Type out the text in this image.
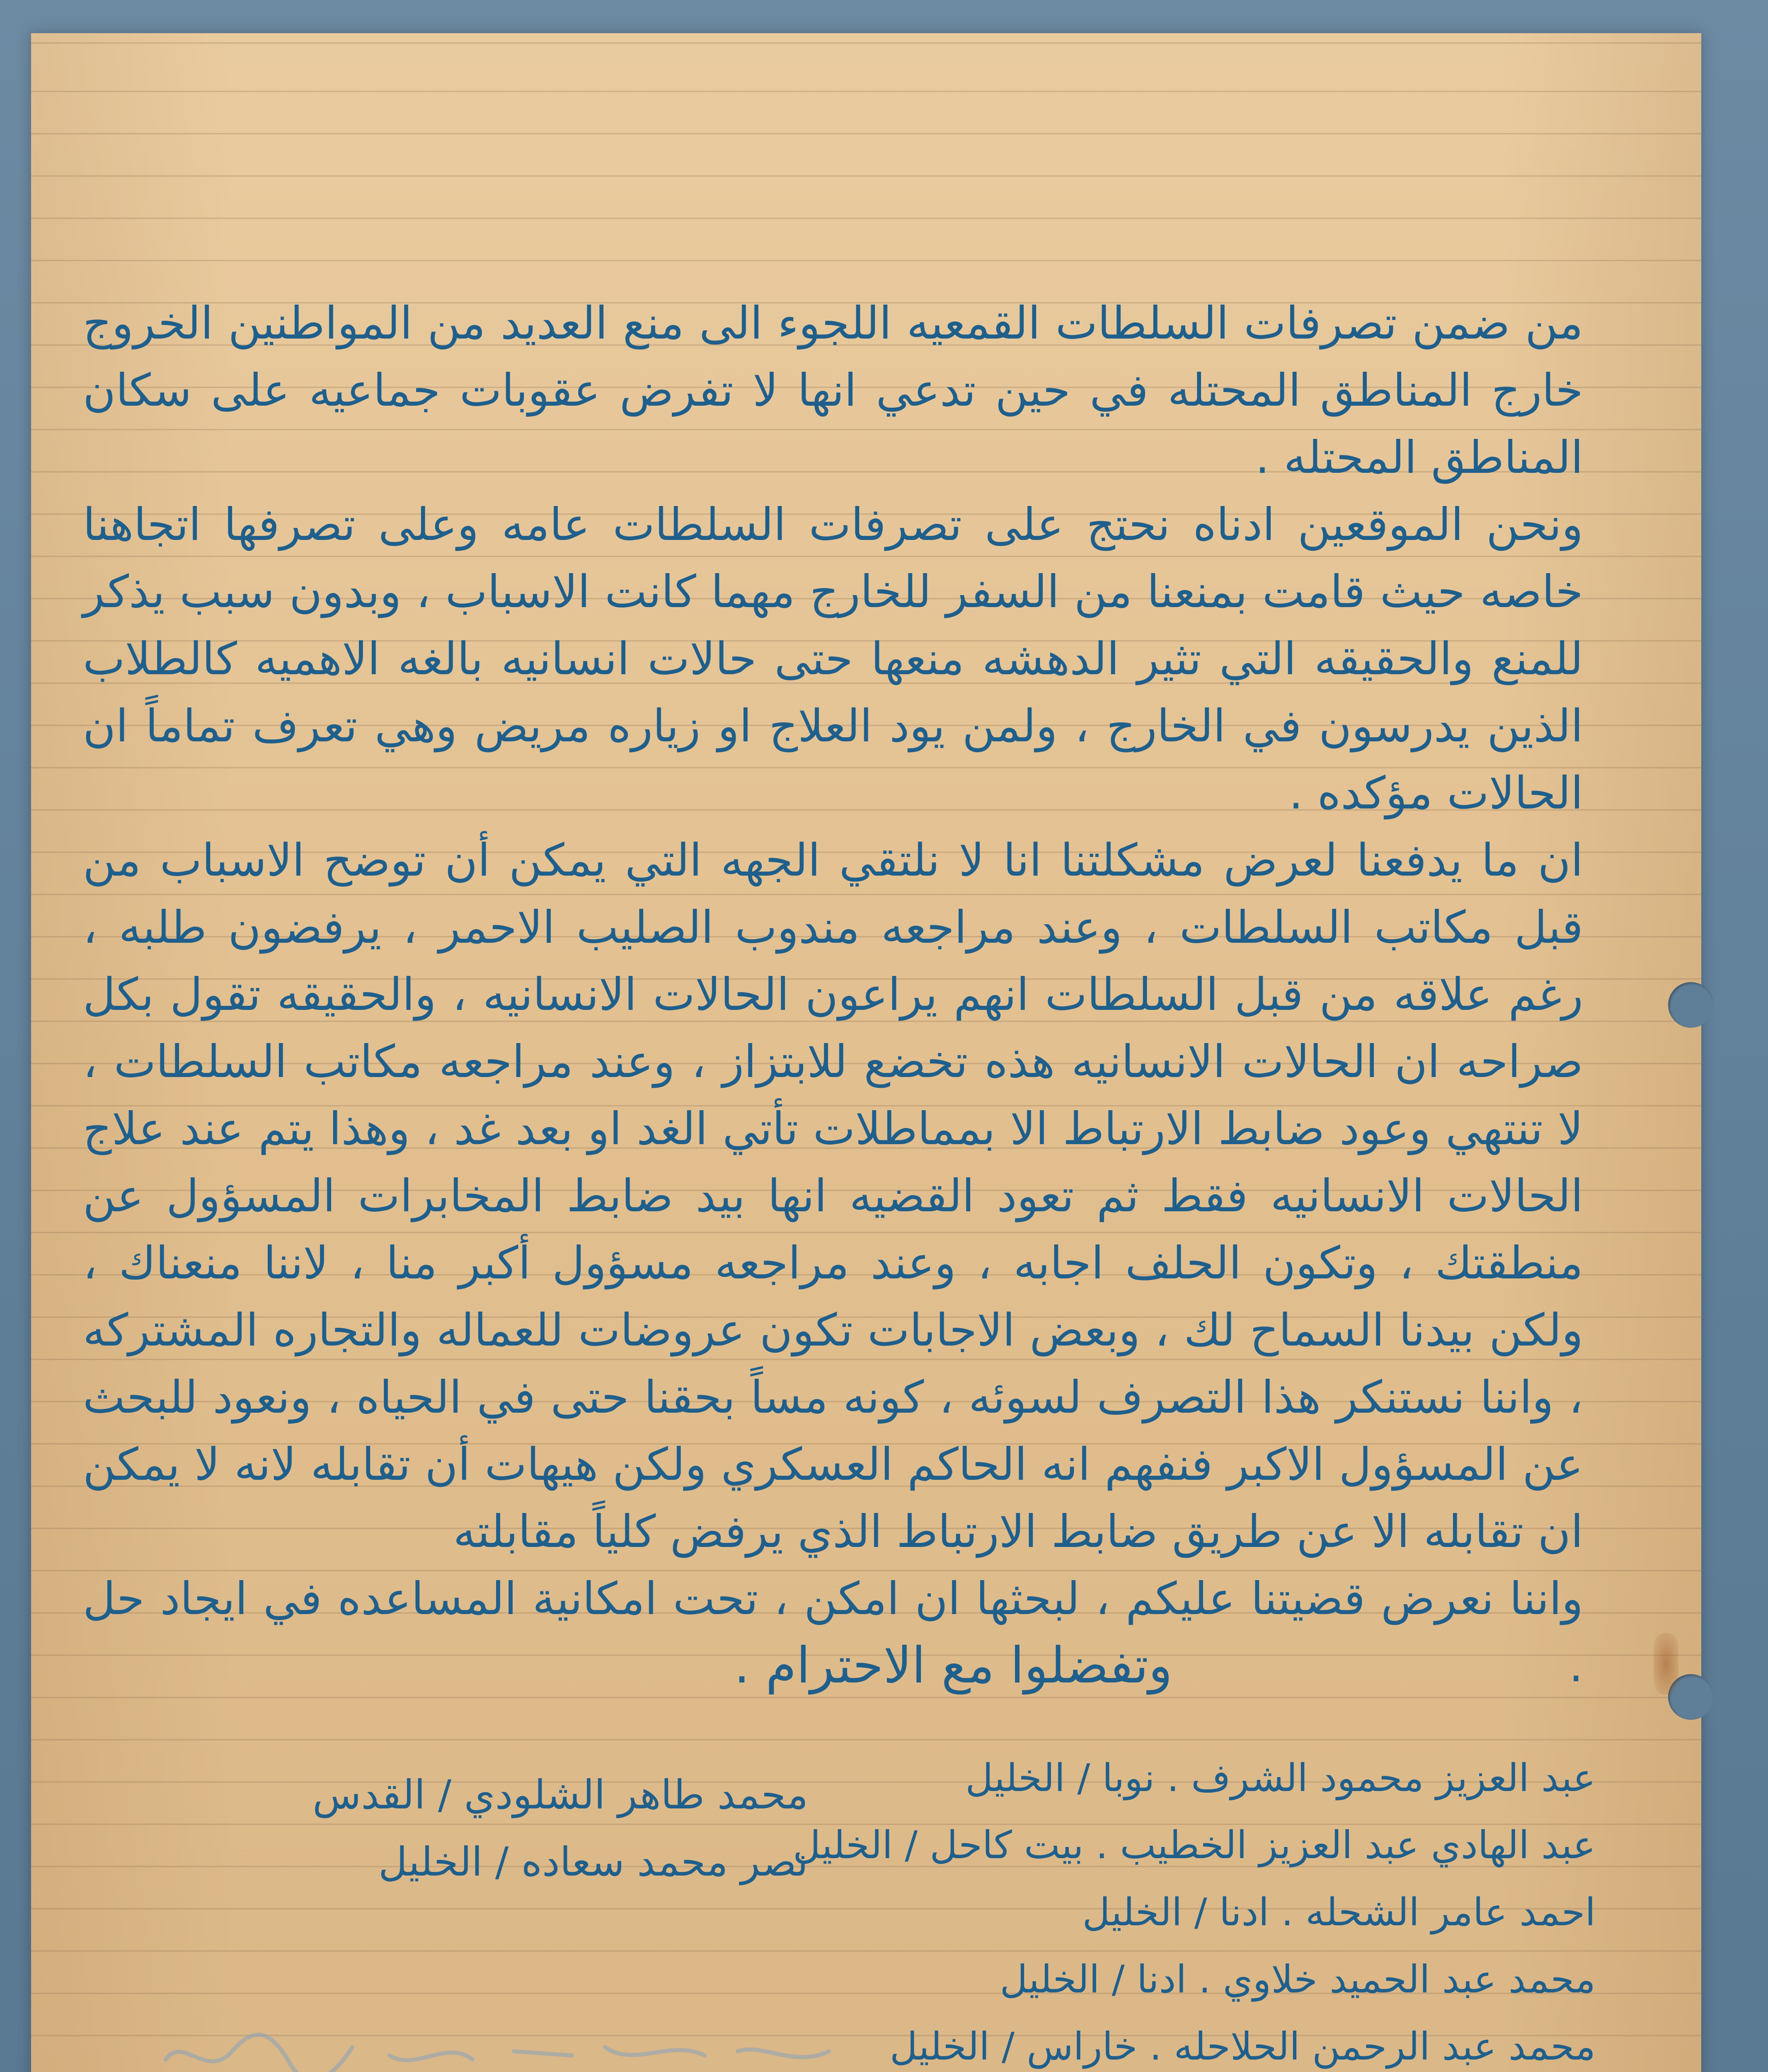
من ضمن تصرفات السلطات القمعيه اللجوء الى منع العديد من المواطنين الخروج خارج المناطق المحتله في حين تدعي انها لا تفرض عقوبات جماعيه على سكان المناطق المحتله .

ونحن الموقعين ادناه نحتج على تصرفات السلطات عامه وعلى تصرفها اتجاهنا خاصه حيث قامت بمنعنا من السفر للخارج مهما كانت الاسباب ، وبدون سبب يذكر للمنع والحقيقه التي تثير الدهشه منعها حتى حالات انسانيه بالغه الاهميه كالطلاب الذين يدرسون في الخارج ، ولمن يود العلاج او زياره مريض وهي تعرف تماماً ان الحالات مؤكده .

ان ما يدفعنا لعرض مشكلتنا انا لا نلتقي الجهه التي يمكن أن توضح الاسباب من قبل مكاتب السلطات ، وعند مراجعه مندوب الصليب الاحمر ، يرفضون طلبه ، رغم علاقه من قبل السلطات انهم يراعون الحالات الانسانيه ، والحقيقه تقول بكل صراحه ان الحالات الانسانيه هذه تخضع للابتزاز ، وعند مراجعه مكاتب السلطات ، لا تنتهي وعود ضابط الارتباط الا بمماطلات تأتي الغد او بعد غد ، وهذا يتم عند علاج الحالات الانسانيه فقط ثم تعود القضيه انها بيد ضابط المخابرات المسؤول عن منطقتك ، وتكون الحلف اجابه ، وعند مراجعه مسؤول أكبر منا ، لاننا منعناك ، ولكن بيدنا السماح لك ، وبعض الاجابات تكون عروضات للعماله والتجاره المشتركه ، واننا نستنكر هذا التصرف لسوئه ، كونه مساً بحقنا حتى في الحياه ، ونعود للبحث عن المسؤول الاكبر فنفهم انه الحاكم العسكري ولكن هيهات أن تقابله لانه لا يمكن ان تقابله الا عن طريق ضابط الارتباط الذي يرفض كلياً مقابلته

واننا نعرض قضيتنا عليكم ، لبحثها ان امكن ، تحت امكانية المساعده في ايجاد حل .

وتفضلوا مع الاحترام .
عبد العزيز محمود الشرف . نوبا / الخليل
عبد الهادي عبد العزيز الخطيب . بيت كاحل / الخليل
احمد عامر الشحله . ادنا / الخليل
محمد عبد الحميد خلاوي . ادنا / الخليل
محمد عبد الرحمن الحلاحله . خاراس / الخليل
محمد طاهر الشلودي / القدس
نصر محمد سعاده / الخليل
